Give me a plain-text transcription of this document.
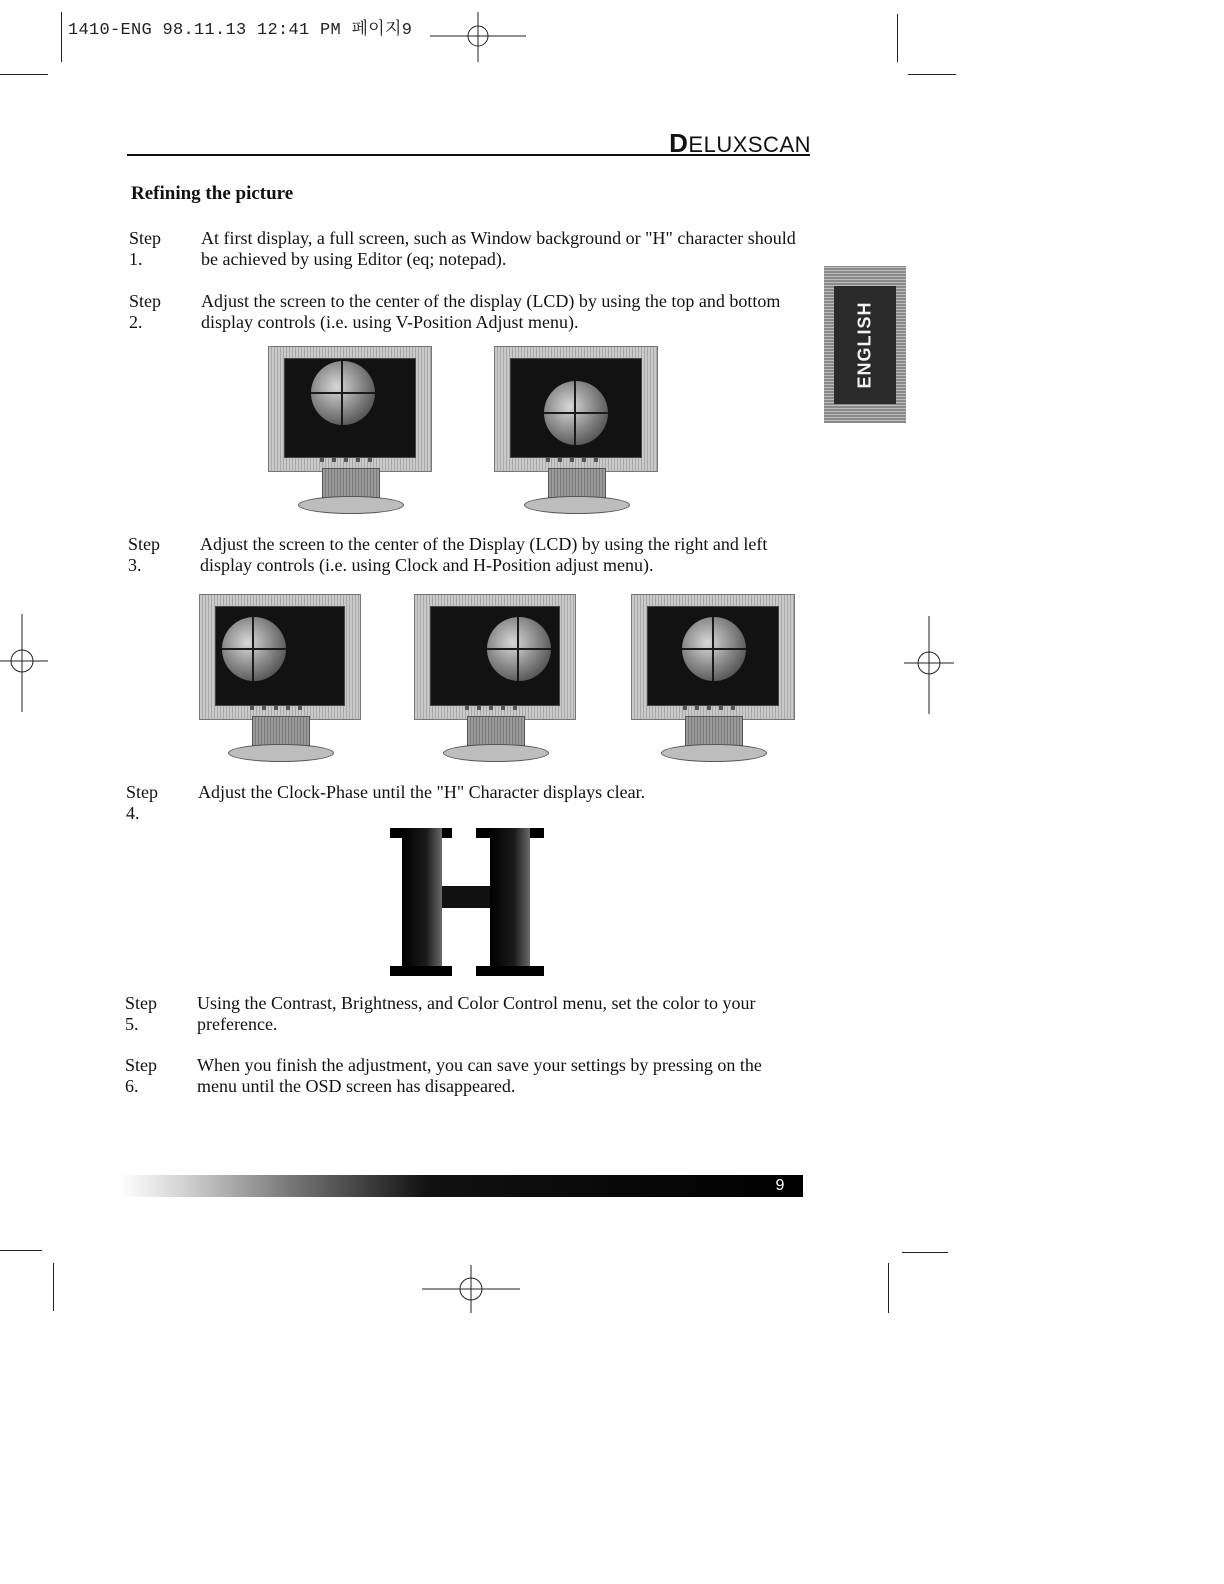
1410-ENG 98.11.13 12:41 PM 페이지9
DELUXSCAN
ENGLISH
Refining the picture
Step 1.
At first display, a full screen, such as Window background or "H" character should be achieved by using Editor (eq; notepad).
Step 2.
Adjust the screen to the center of the display (LCD) by using the top and bottom display controls (i.e. using V-Position Adjust menu).
Step 3.
Adjust the screen to the center of the Display (LCD) by using the right and left display controls (i.e. using Clock and H-Position adjust menu).
Step 4.
Adjust the Clock-Phase until the "H" Character displays clear.
Step 5.
Using the Contrast, Brightness, and Color Control menu, set the color to your preference.
Step 6.
When you finish the adjustment, you can save your settings by pressing on the menu until the OSD screen has disappeared.
9
